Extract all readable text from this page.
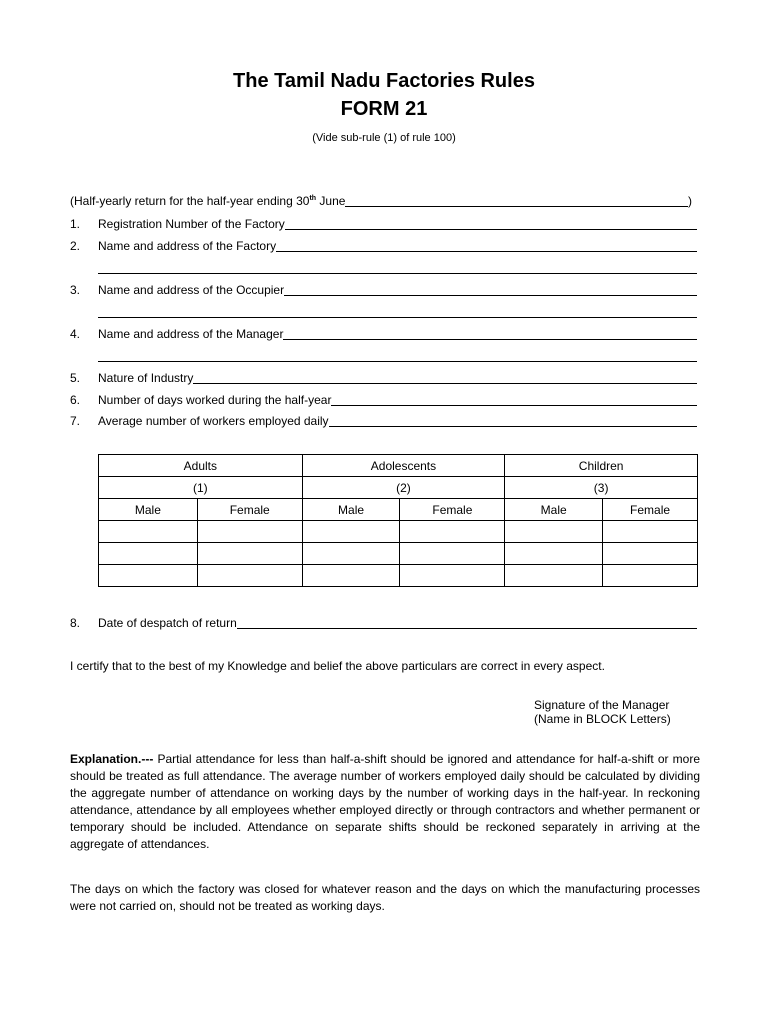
The Tamil Nadu Factories Rules
FORM 21
(Vide sub-rule (1) of rule 100)
(Half-yearly return for the half-year ending 30th June	)
1.	Registration Number of the Factory
2.	Name and address of the Factory
3.	Name and address of the Occupier
4.	Name and address of the Manager
5.	Nature of Industry
6.	Number of days worked during the half-year
7.	Average number of workers employed daily
Adults		Adolescents		Children	
(1)		(2)		(3)	
Male	Female	Male	Female	Male	Female

8.	Date of despatch of return
I certify that to the best of my Knowledge and belief the above particulars are correct in every aspect.
Signature of the Manager
(Name in BLOCK Letters)
Explanation.--- Partial attendance for less than half-a-shift should be ignored and attendance for half-a-shift or more should be treated as full attendance. The average number of workers employed daily should be calculated by dividing the aggregate number of attendance on working days by the number of working days in the half-year. In reckoning attendance, attendance by all employees whether employed directly or through contractors and whether permanent or temporary should be included. Attendance on separate shifts should be reckoned separately in arriving at the aggregate of attendances.
The days on which the factory was closed for whatever reason and the days on which the manufacturing processes were not carried on, should not be treated as working days.
